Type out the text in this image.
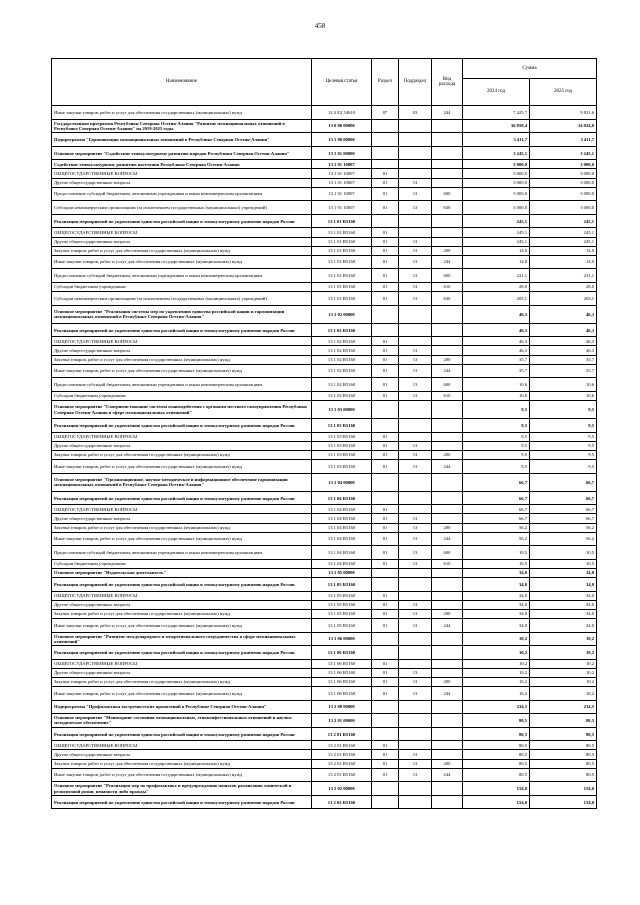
458
Наименование	Целевая статья	Раздел	Подраздел	Вид расхода	Сумма	
					2024 год	2025 год
Иные закупки товаров, работ и услуг для обеспечения государственных (муниципальных) нужд	12 3 Е2 54610	07	03	244	7 425,7	9 831,6
Государственная программа Республики Северная Осетия-Алания "Развитие межнациональных отношений в Республике Северная Осетия-Алания" на 2019-2025 годы	13 0 00 00000				36 858,4	34 024,0
Подпрограмма "Гармонизация межнациональных отношений в Республике Северная Осетия-Алания"	13 1 00 00000				3 411,7	3 411,7
Основное мероприятие "Содействие этнокультурному развитию народов Республики Северная Осетия-Алания"	13 1 01 00000				3 245,1	3 245,1
Содействие этнокультурному развитию населения Республики Северная Осетия-Алания	13 1 01 10007				3 000,0	3 000,0
ОБЩЕГОСУДАРСТВЕННЫЕ ВОПРОСЫ	13 1 01 10007	01			3 000,0	3 000,0
Другие общегосударственные вопросы	13 1 01 10007	01	13		3 000,0	3 000,0
Предоставление субсидий бюджетным, автономным учреждениям и иным некоммерческим организациям	13 1 01 10007	01	13	600	3 000,0	3 000,0
Субсидии некоммерческим организациям (за исключением государственных (муниципальных) учреждений)	13 1 01 10007	01	13	630	3 000,0	3 000,0
Реализация мероприятий по укреплению единства российской нации и этнокультурному развитию народов России	13 1 01 R5160				245,1	245,1
ОБЩЕГОСУДАРСТВЕННЫЕ ВОПРОСЫ	13 1 01 R5160	01			245,1	245,1
Другие общегосударственные вопросы	13 1 01 R5160	01	13		245,1	245,1
Закупка товаров, работ и услуг для обеспечения государственных (муниципальных) нужд	13 1 01 R5160	01	13	200	14,0	14,0
Иные закупки товаров, работ и услуг для обеспечения государственных (муниципальных) нужд	13 1 01 R5160	01	13	244	14,0	14,0
Предоставление субсидий бюджетным, автономным учреждениям и иным некоммерческим организациям	13 1 01 R5160	01	13	600	231,1	231,1
Субсидии бюджетным учреждениям	13 1 01 R5160	01	13	610	28,0	28,0
Субсидии некоммерческим организациям (за исключением государственных (муниципальных) учреждений)	13 1 01 R5160	01	13	630	203,1	203,1
Основное мероприятие "Реализация системы мер по укреплению единства российской нации и гармонизации межнациональных отношений в Республике Северная Осетия-Алания"	13 1 02 00000				46,3	46,3
Реализация мероприятий по укреплению единства российской нации и этнокультурному развитию народов России	13 1 02 R5160				46,3	46,3
ОБЩЕГОСУДАРСТВЕННЫЕ ВОПРОСЫ	13 1 02 R5160	01			46,3	46,3
Другие общегосударственные вопросы	13 1 02 R5160	01	13		46,3	46,3
Закупка товаров, работ и услуг для обеспечения государственных (муниципальных) нужд	13 1 02 R5160	01	13	200	35,7	35,7
Иные закупки товаров, работ и услуг для обеспечения государственных (муниципальных) нужд	13 1 02 R5160	01	13	244	35,7	35,7
Предоставление субсидий бюджетным, автономным учреждениям и иным некоммерческим организациям	13 1 02 R5160	01	13	600	10,6	10,6
Субсидии бюджетным учреждениям	13 1 02 R5160	01	13	610	10,6	10,6
Основное мероприятие "Совершенствование системы взаимодействия с органами местного самоуправления Республики Северная Осетия-Алания в сфере межнациональных отношений"	13 1 03 00000				9,5	9,5
Реализация мероприятий по укреплению единства российской нации и этнокультурному развитию народов России	13 1 03 R5160				9,5	9,5
ОБЩЕГОСУДАРСТВЕННЫЕ ВОПРОСЫ	13 1 03 R5160	01			9,5	9,5
Другие общегосударственные вопросы	13 1 03 R5160	01	13		9,5	9,5
Закупка товаров, работ и услуг для обеспечения государственных (муниципальных) нужд	13 1 03 R5160	01	13	200	9,5	9,5
Иные закупки товаров, работ и услуг для обеспечения государственных (муниципальных) нужд	13 1 03 R5160	01	13	244	9,5	9,5
Основное мероприятие "Организационное, научно-методическое и информационное обеспечение гармонизации межнациональных отношений в Республике Северная Осетия-Алания"	13 1 04 00000				66,7	66,7
Реализация мероприятий по укреплению единства российской нации и этнокультурному развитию народов России	13 1 04 R5160				66,7	66,7
ОБЩЕГОСУДАРСТВЕННЫЕ ВОПРОСЫ	13 1 04 R5160	01			66,7	66,7
Другие общегосударственные вопросы	13 1 04 R5160	01	13		66,7	66,7
Закупка товаров, работ и услуг для обеспечения государственных (муниципальных) нужд	13 1 04 R5160	01	13	200	56,2	56,2
Иные закупки товаров, работ и услуг для обеспечения государственных (муниципальных) нужд	13 1 04 R5160	01	13	244	56,2	56,2
Предоставление субсидий бюджетным, автономным учреждениям и иным некоммерческим организациям	13 1 04 R5160	01	13	600	10,5	10,5
Субсидии бюджетным учреждениям	13 1 04 R5160	01	13	610	10,5	10,5
Основное мероприятие "Издательская деятельность"	13 1 05 00000				34,0	34,0
Реализация мероприятий по укреплению единства российской нации и этнокультурному развитию народов России	13 1 05 R5160				34,0	34,0
ОБЩЕГОСУДАРСТВЕННЫЕ ВОПРОСЫ	13 1 05 R5160	01			34,0	34,0
Другие общегосударственные вопросы	13 1 05 R5160	01	13		34,0	34,0
Закупка товаров, работ и услуг для обеспечения государственных (муниципальных) нужд	13 1 05 R5160	01	13	200	34,0	34,0
Иные закупки товаров, работ и услуг для обеспечения государственных (муниципальных) нужд	13 1 05 R5160	01	13	244	34,0	34,0
Основное мероприятие "Развитие международного и межрегионального сотрудничества в сфере межнациональных отношений"	13 1 06 00000				10,2	10,2
Реализация мероприятий по укреплению единства российской нации и этнокультурному развитию народов России	13 1 06 R5160				10,2	10,2
ОБЩЕГОСУДАРСТВЕННЫЕ ВОПРОСЫ	13 1 06 R5160	01			10,2	10,2
Другие общегосударственные вопросы	13 1 06 R5160	01	13		10,2	10,2
Закупка товаров, работ и услуг для обеспечения государственных (муниципальных) нужд	13 1 06 R5160	01	13	200	10,2	10,2
Иные закупки товаров, работ и услуг для обеспечения государственных (муниципальных) нужд	13 1 06 R5160	01	13	244	10,2	10,2
Подпрограмма "Профилактика экстремистских проявлений в Республике Северная Осетия-Алания"	13 2 00 00000				234,5	234,5
Основное мероприятие "Мониторинг состояния межнациональных, этноконфессиональных отношений и научно-методическое обеспечение"	13 2 01 00000				80,5	80,5
Реализация мероприятий по укреплению единства российской нации и этнокультурному развитию народов России	13 2 01 R5160				80,5	80,5
ОБЩЕГОСУДАРСТВЕННЫЕ ВОПРОСЫ	13 2 01 R5160	01			80,5	80,5
Другие общегосударственные вопросы	13 2 01 R5160	01	13		80,5	80,5
Закупка товаров, работ и услуг для обеспечения государственных (муниципальных) нужд	13 2 01 R5160	01	13	200	80,5	80,5
Иные закупки товаров, работ и услуг для обеспечения государственных (муниципальных) нужд	13 2 01 R5160	01	13	244	80,5	80,5
Основное мероприятие "Реализация мер по профилактике и предупреждению попыток разжигания этнической и религиозной розни, ненависти либо вражды"	13 2 02 00000				154,0	154,0
Реализация мероприятий по укреплению единства российской нации и этнокультурному развитию народов России	13 2 02 R5160				154,0	154,0
